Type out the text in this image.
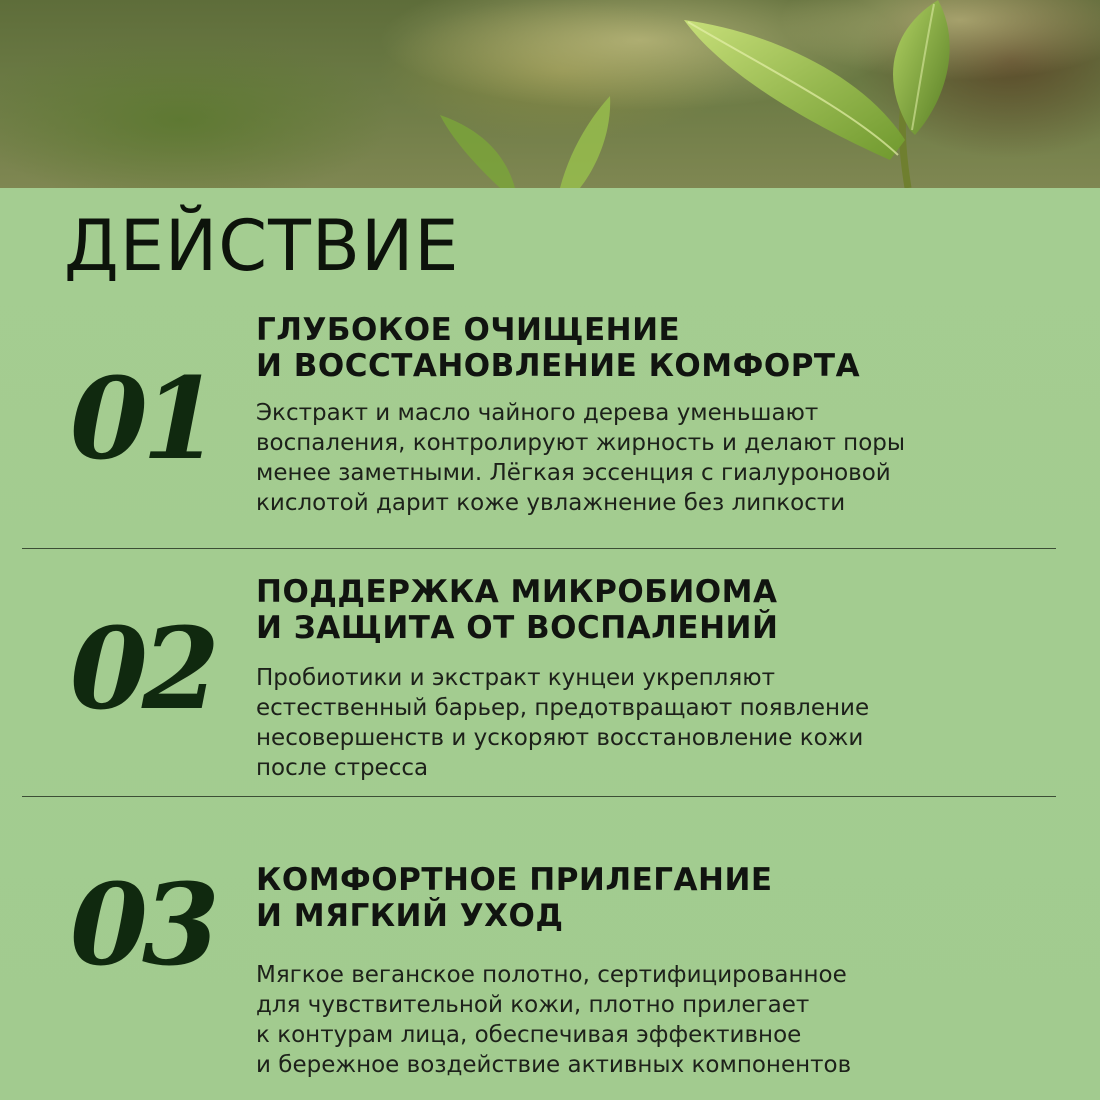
ДЕЙСТВИЕ
01
ГЛУБОКОЕ ОЧИЩЕНИЕ
И ВОССТАНОВЛЕНИЕ КОМФОРТА

Экстракт и масло чайного дерева уменьшают
воспаления, контролируют жирность и делают поры
менее заметными. Лёгкая эссенция с гиалуроновой
кислотой дарит коже увлажнение без липкости

02
ПОДДЕРЖКА МИКРОБИОМА
И ЗАЩИТА ОТ ВОСПАЛЕНИЙ

Пробиотики и экстракт кунцеи укрепляют
естественный барьер, предотвращают появление
несовершенств и ускоряют восстановление кожи
после стресса

03	КОМФОРТНОЕ ПРИЛЕГАНИЕ
И МЯГКИЙ УХОД

Мягкое веганское полотно, сертифицированное
для чувствительной кожи, плотно прилегает
к контурам лица, обеспечивая эффективное
и бережное воздействие активных компонентов
